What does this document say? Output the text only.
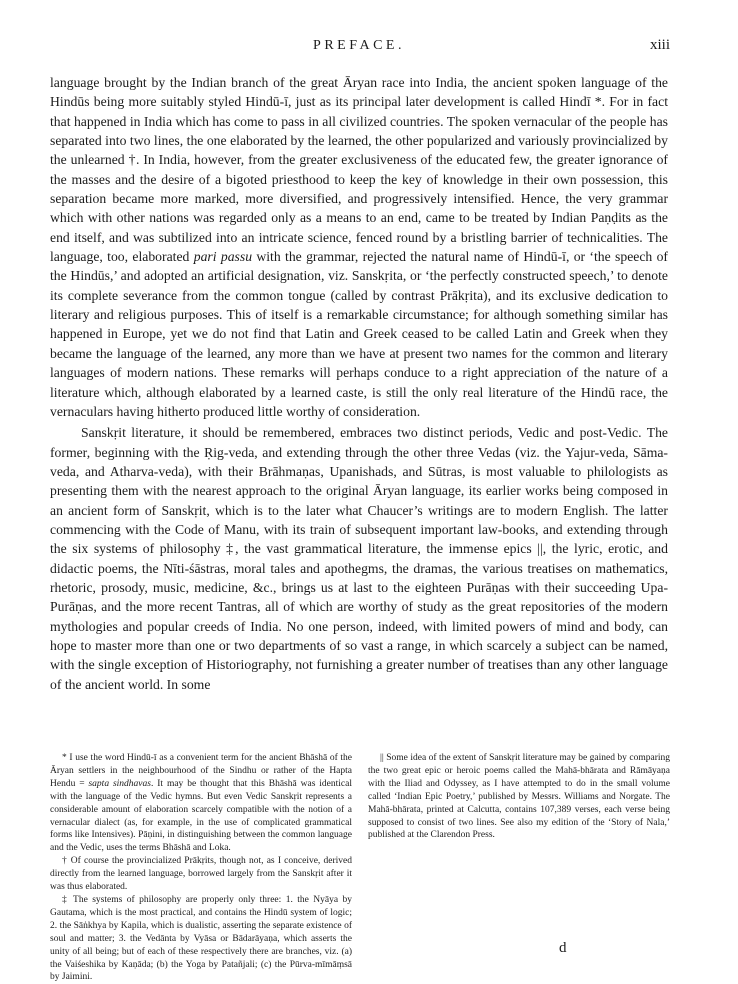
PREFACE.	xiii

language brought by the Indian branch of the great Āryan race into India, the ancient spoken language of the Hindūs being more suitably styled Hindū-ī, just as its principal later development is called Hindī *. For in fact that happened in India which has come to pass in all civilized countries. The spoken vernacular of the people has separated into two lines, the one elaborated by the learned, the other popularized and variously provincialized by the unlearned †. In India, however, from the greater exclusiveness of the educated few, the greater ignorance of the masses and the desire of a bigoted priesthood to keep the key of knowledge in their own possession, this separation became more marked, more diversified, and progressively intensified. Hence, the very grammar which with other nations was regarded only as a means to an end, came to be treated by Indian Paṇḍits as the end itself, and was subtilized into an intricate science, fenced round by a bristling barrier of technicalities. The language, too, elaborated pari passu with the grammar, rejected the natural name of Hindū-ī, or ‘the speech of the Hindūs,’ and adopted an artificial designation, viz. Sanskṛita, or ‘the perfectly constructed speech,’ to denote its complete severance from the common tongue (called by contrast Prākṛita), and its exclusive dedication to literary and religious purposes. This of itself is a remarkable circumstance; for although something similar has happened in Europe, yet we do not find that Latin and Greek ceased to be called Latin and Greek when they became the language of the learned, any more than we have at present two names for the common and literary languages of modern nations. These remarks will perhaps conduce to a right appreciation of the nature of a literature which, although elaborated by a learned caste, is still the only real literature of the Hindū race, the vernaculars having hitherto produced little worthy of consideration.

Sanskṛit literature, it should be remembered, embraces two distinct periods, Vedic and post-Vedic. The former, beginning with the Ṛig-veda, and extending through the other three Vedas (viz. the Yajur-veda, Sāma-veda, and Atharva-veda), with their Brāhmaṇas, Upanishads, and Sūtras, is most valuable to philologists as presenting them with the nearest approach to the original Āryan language, its earlier works being composed in an ancient form of Sanskṛit, which is to the later what Chaucer’s writings are to modern English. The latter commencing with the Code of Manu, with its train of subsequent important law-books, and extending through the six systems of philosophy ‡, the vast grammatical literature, the immense epics ||, the lyric, erotic, and didactic poems, the Nīti-śāstras, moral tales and apothegms, the dramas, the various treatises on mathematics, rhetoric, prosody, music, medicine, &c., brings us at last to the eighteen Purāṇas with their succeeding Upa-Purāṇas, and the more recent Tantras, all of which are worthy of study as the great repositories of the modern mythologies and popular creeds of India. No one person, indeed, with limited powers of mind and body, can hope to master more than one or two departments of so vast a range, in which scarcely a subject can be named, with the single exception of Historiography, not furnishing a greater number of treatises than any other language of the ancient world. In some

* I use the word Hindū-ī as a convenient term for the ancient Bhāshā of the Āryan settlers in the neighbourhood of the Sindhu or rather of the Hapta Hendu = sapta sindhavas. It may be thought that this Bhāshā was identical with the language of the Vedic hymns. But even Vedic Sanskṛit represents a considerable amount of elaboration scarcely compatible with the notion of a vernacular dialect (as, for example, in the use of complicated grammatical forms like Intensives). Pāṇini, in distinguishing between the common language and the Vedic, uses the terms Bhāshā and Loka.

† Of course the provincialized Prākṛits, though not, as I conceive, derived directly from the learned language, borrowed largely from the Sanskṛit after it was thus elaborated.

‡ The systems of philosophy are properly only three: 1. the Nyāya by Gautama, which is the most practical, and contains the Hindū system of logic; 2. the Sāṅkhya by Kapila, which is dualistic, asserting the separate existence of soul and matter; 3. the Vedānta by Vyāsa or Bādarāyaṇa, which asserts the unity of all being; but of each of these respectively there are branches, viz. (a) the Vaiśeshika by Kaṇāda; (b) the Yoga by Patañjali; (c) the Pūrva-mīmāṃsā by Jaimini.

|| Some idea of the extent of Sanskṛit literature may be gained by comparing the two great epic or heroic poems called the Mahā-bhārata and Rāmāyaṇa with the Iliad and Odyssey, as I have attempted to do in the small volume called ‘Indian Epic Poetry,’ published by Messrs. Williams and Norgate. The Mahā-bhārata, printed at Calcutta, contains 107,389 verses, each verse being supposed to consist of two lines. See also my edition of the ‘Story of Nala,’ published at the Clarendon Press.

d
